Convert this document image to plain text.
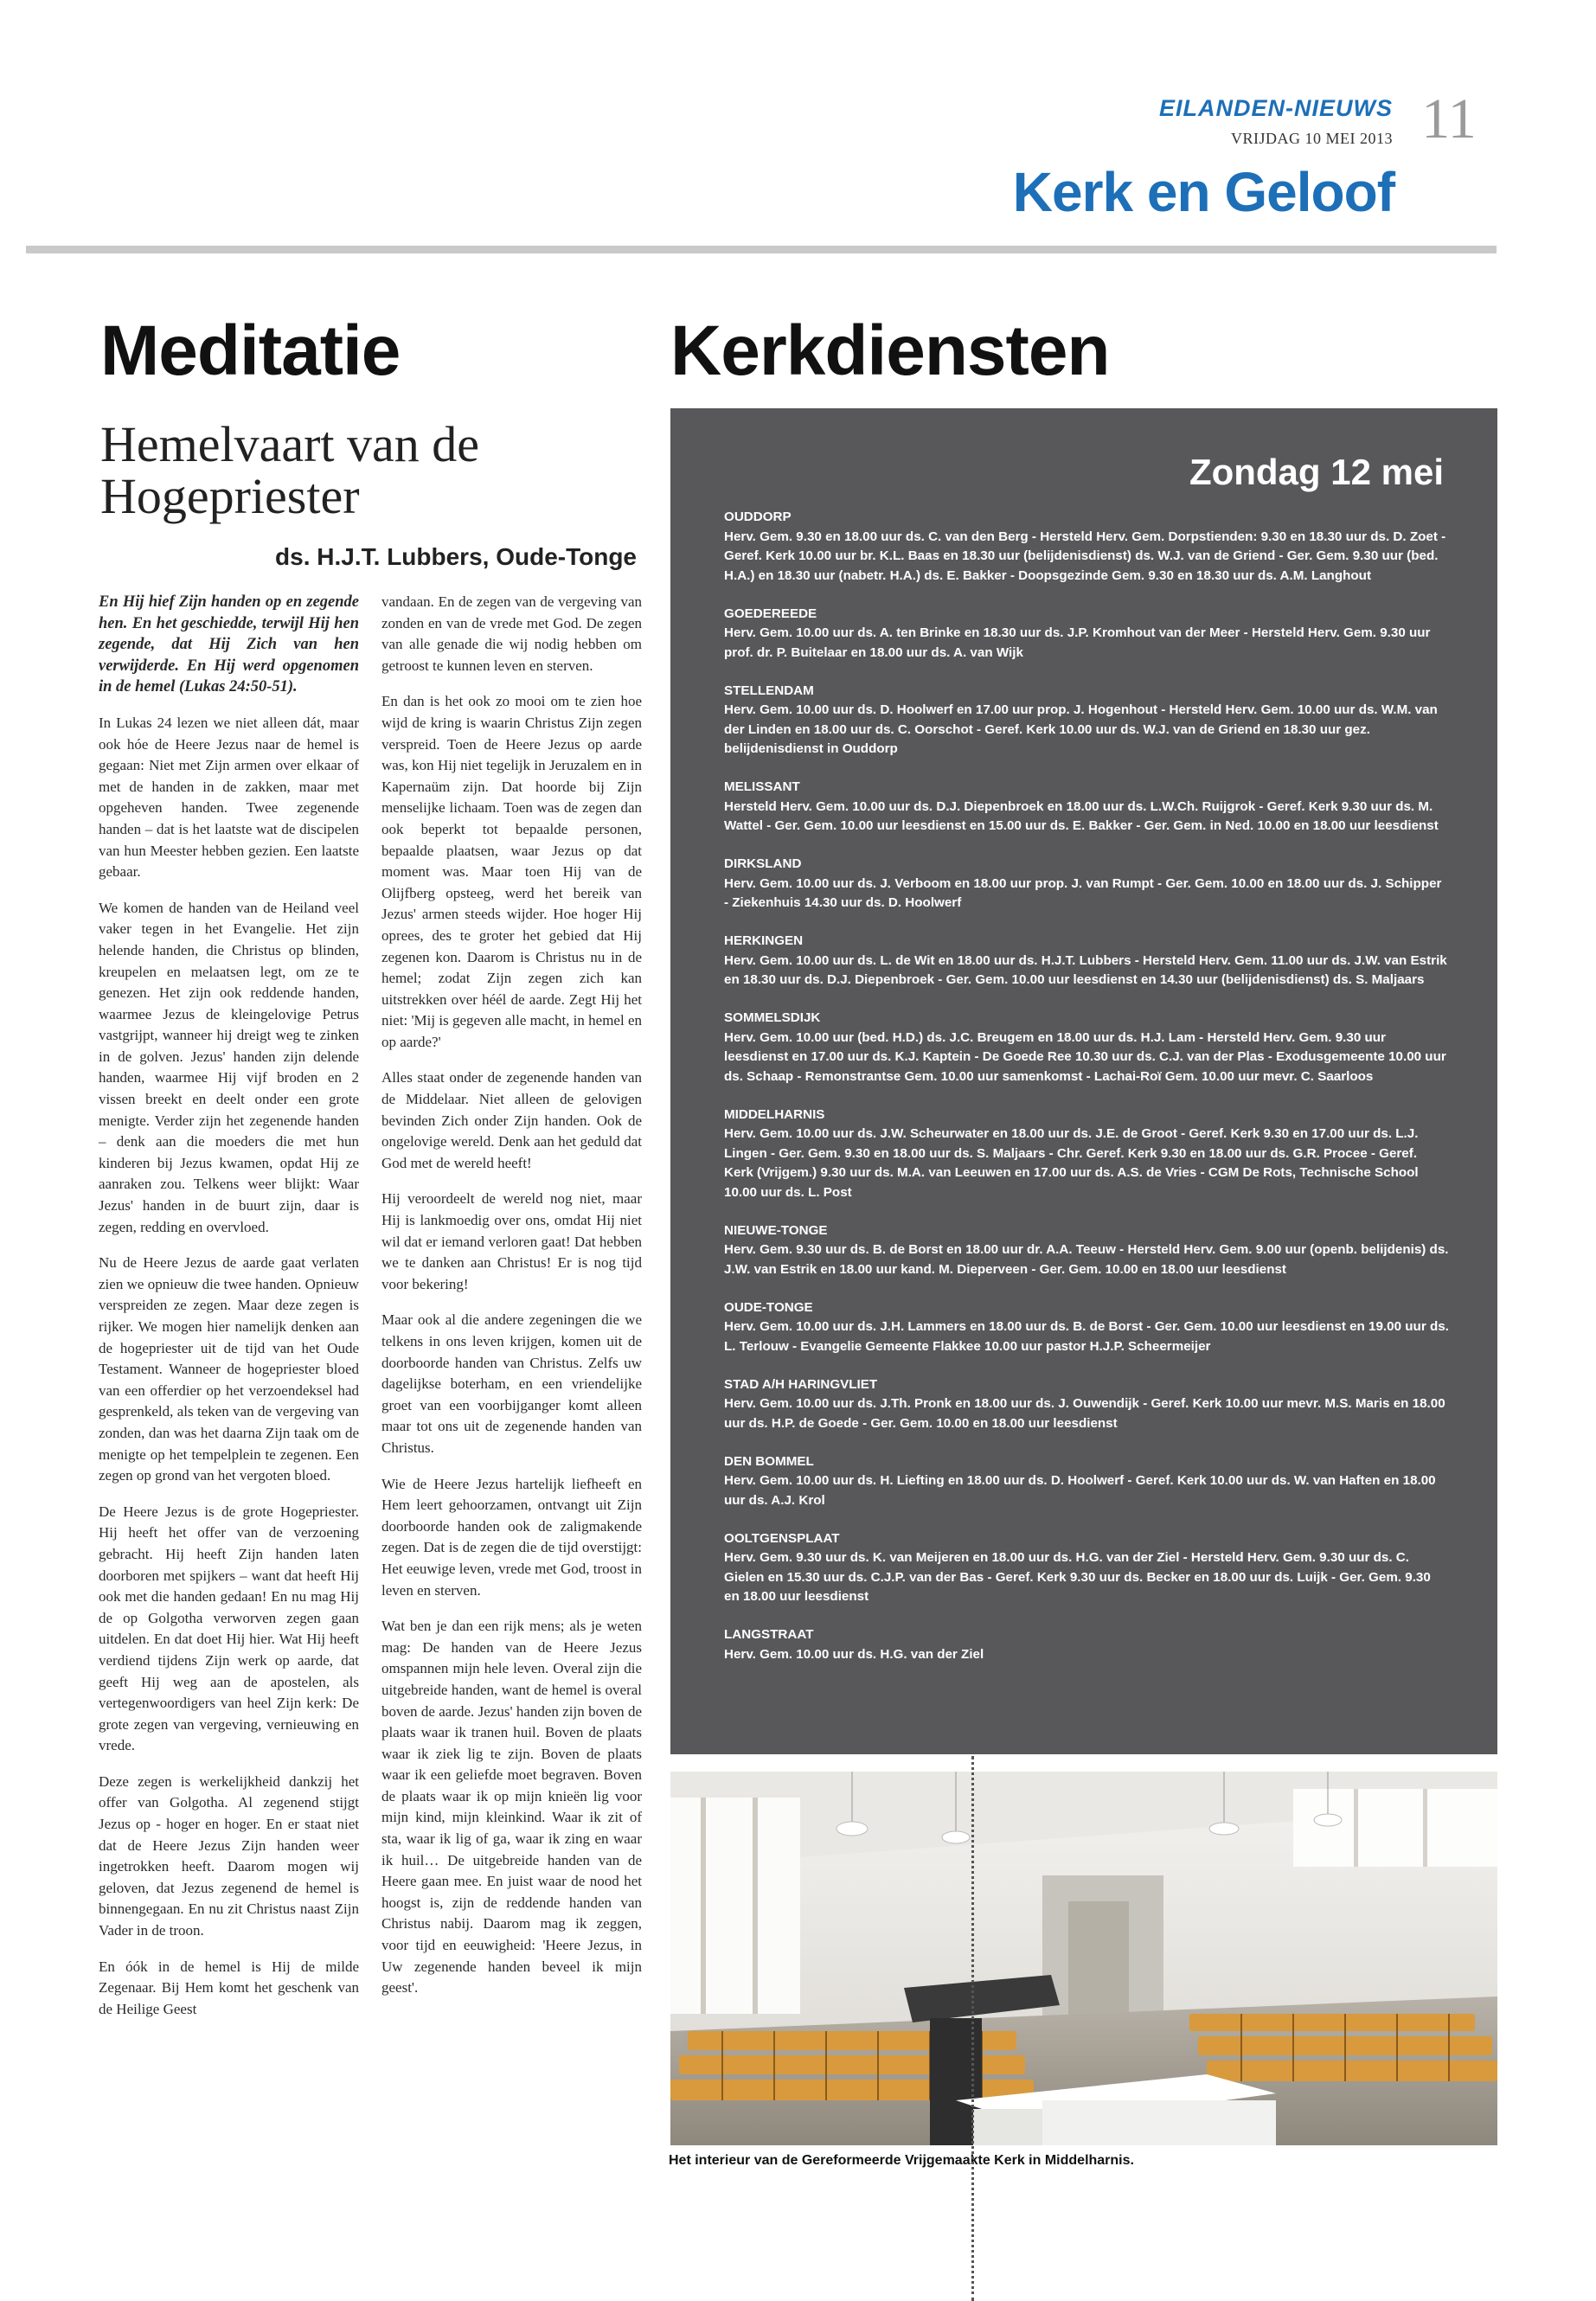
EILANDEN-NIEUWS
VRIJDAG 10 MEI 2013 11
Kerk en Geloof
Meditatie
Hemelvaart van de Hogepriester
ds. H.J.T. Lubbers, Oude-Tonge

En Hij hief Zijn handen op en zegende hen. En het geschiedde, terwijl Hij hen zegende, dat Hij Zich van hen verwijderde. En Hij werd opgenomen in de hemel (Lukas 24:50-51).

In Lukas 24 lezen we niet alleen dát, maar ook hóe de Heere Jezus naar de hemel is gegaan: Niet met Zijn armen over elkaar of met de handen in de zakken, maar met opgeheven handen. Twee zegenende handen – dat is het laatste wat de discipelen van hun Meester hebben gezien. Een laatste gebaar.

We komen de handen van de Heiland veel vaker tegen in het Evangelie. Het zijn helende handen, die Christus op blinden, kreupelen en melaatsen legt, om ze te genezen. Het zijn ook reddende handen, waarmee Jezus de kleingelovige Petrus vastgrijpt, wanneer hij dreigt weg te zinken in de golven. Jezus' handen zijn delende handen, waarmee Hij vijf broden en 2 vissen breekt en deelt onder een grote menigte. Verder zijn het zegenende handen – denk aan die moeders die met hun kinderen bij Jezus kwamen, opdat Hij ze aanraken zou. Telkens weer blijkt: Waar Jezus' handen in de buurt zijn, daar is zegen, redding en overvloed.

Nu de Heere Jezus de aarde gaat verlaten zien we opnieuw die twee handen. Opnieuw verspreiden ze zegen. Maar deze zegen is rijker. We mogen hier namelijk denken aan de hogepriester uit de tijd van het Oude Testament. Wanneer de hogepriester bloed van een offerdier op het verzoendeksel had gesprenkeld, als teken van de vergeving van zonden, dan was het daarna Zijn taak om de menigte op het tempelplein te zegenen. Een zegen op grond van het vergoten bloed.

De Heere Jezus is de grote Hogepriester. Hij heeft het offer van de verzoening gebracht. Hij heeft Zijn handen laten doorboren met spijkers – want dat heeft Hij ook met die handen gedaan! En nu mag Hij de op Golgotha verworven zegen gaan uitdelen. En dat doet Hij hier. Wat Hij heeft verdiend tijdens Zijn werk op aarde, dat geeft Hij weg aan de apostelen, als vertegenwoordigers van heel Zijn kerk: De grote zegen van vergeving, vernieuwing en vrede.

Deze zegen is werkelijkheid dankzij het offer van Golgotha. Al zegenend stijgt Jezus op - hoger en hoger. En er staat niet dat de Heere Jezus Zijn handen weer ingetrokken heeft. Daarom mogen wij geloven, dat Jezus zegenend de hemel is binnengegaan. En nu zit Christus naast Zijn Vader in de troon.

En óók in de hemel is Hij de milde Zegenaar. Bij Hem komt het geschenk van de Heilige Geest

vandaan. En de zegen van de vergeving van zonden en van de vrede met God. De zegen van alle genade die wij nodig hebben om getroost te kunnen leven en sterven.

En dan is het ook zo mooi om te zien hoe wijd de kring is waarin Christus Zijn zegen verspreid. Toen de Heere Jezus op aarde was, kon Hij niet tegelijk in Jeruzalem en in Kapernaüm zijn. Dat hoorde bij Zijn menselijke lichaam. Toen was de zegen dan ook beperkt tot bepaalde personen, bepaalde plaatsen, waar Jezus op dat moment was. Maar toen Hij van de Olijfberg opsteeg, werd het bereik van Jezus' armen steeds wijder. Hoe hoger Hij oprees, des te groter het gebied dat Hij zegenen kon. Daarom is Christus nu in de hemel; zodat Zijn zegen zich kan uitstrekken over héél de aarde. Zegt Hij het niet: 'Mij is gegeven alle macht, in hemel en op aarde?'

Alles staat onder de zegenende handen van de Middelaar. Niet alleen de gelovigen bevinden Zich onder Zijn handen. Ook de ongelovige wereld. Denk aan het geduld dat God met de wereld heeft!

Hij veroordeelt de wereld nog niet, maar Hij is lankmoedig over ons, omdat Hij niet wil dat er iemand verloren gaat! Dat hebben we te danken aan Christus! Er is nog tijd voor bekering!

Maar ook al die andere zegeningen die we telkens in ons leven krijgen, komen uit de doorboorde handen van Christus. Zelfs uw dagelijkse boterham, en een vriendelijke groet van een voorbijganger komt alleen maar tot ons uit de zegenende handen van Christus.

Wie de Heere Jezus hartelijk liefheeft en Hem leert gehoorzamen, ontvangt uit Zijn doorboorde handen ook de zaligmakende zegen. Dat is de zegen die de tijd overstijgt: Het eeuwige leven, vrede met God, troost in leven en sterven.

Wat ben je dan een rijk mens; als je weten mag: De handen van de Heere Jezus omspannen mijn hele leven. Overal zijn die uitgebreide handen, want de hemel is overal boven de aarde. Jezus' handen zijn boven de plaats waar ik tranen huil. Boven de plaats waar ik ziek lig te zijn. Boven de plaats waar ik een geliefde moet begraven. Boven de plaats waar ik op mijn knieën lig voor mijn kind, mijn kleinkind. Waar ik zit of sta, waar ik lig of ga, waar ik zing en waar ik huil… De uitgebreide handen van de Heere gaan mee. En juist waar de nood het hoogst is, zijn de reddende handen van Christus nabij. Daarom mag ik zeggen, voor tijd en eeuwigheid: 'Heere Jezus, in Uw zegenende handen beveel ik mijn geest'.

Kerkdiensten
Zondag 12 mei
OUDDORP
Herv. Gem. 9.30 en 18.00 uur ds. C. van den Berg - Hersteld Herv. Gem. Dorpstienden: 9.30 en 18.30 uur ds. D. Zoet - Geref. Kerk 10.00 uur br. K.L. Baas en 18.30 uur (belijdenisdienst) ds. W.J. van de Griend - Ger. Gem. 9.30 uur (bed. H.A.) en 18.30 uur (nabetr. H.A.) ds. E. Bakker - Doopsgezinde Gem. 9.30 en 18.30 uur ds. A.M. Langhout
GOEDEREEDE
Herv. Gem. 10.00 uur ds. A. ten Brinke en 18.30 uur ds. J.P. Kromhout van der Meer - Hersteld Herv. Gem. 9.30 uur prof. dr. P. Buitelaar en 18.00 uur ds. A. van Wijk
STELLENDAM
Herv. Gem. 10.00 uur ds. D. Hoolwerf en 17.00 uur prop. J. Hogenhout - Hersteld Herv. Gem. 10.00 uur ds. W.M. van der Linden en 18.00 uur ds. C. Oorschot - Geref. Kerk 10.00 uur ds. W.J. van de Griend en 18.30 uur gez. belijdenisdienst in Ouddorp
MELISSANT
Hersteld Herv. Gem. 10.00 uur ds. D.J. Diepenbroek en 18.00 uur ds. L.W.Ch. Ruijgrok - Geref. Kerk 9.30 uur ds. M. Wattel - Ger. Gem. 10.00 uur leesdienst en 15.00 uur ds. E. Bakker - Ger. Gem. in Ned. 10.00 en 18.00 uur leesdienst
DIRKSLAND
Herv. Gem. 10.00 uur ds. J. Verboom en 18.00 uur prop. J. van Rumpt - Ger. Gem. 10.00 en 18.00 uur ds. J. Schipper - Ziekenhuis 14.30 uur ds. D. Hoolwerf
HERKINGEN
Herv. Gem. 10.00 uur ds. L. de Wit en 18.00 uur ds. H.J.T. Lubbers - Hersteld Herv. Gem. 11.00 uur ds. J.W. van Estrik en 18.30 uur ds. D.J. Diepenbroek - Ger. Gem. 10.00 uur leesdienst en 14.30 uur (belijdenisdienst) ds. S. Maljaars
SOMMELSDIJK
Herv. Gem. 10.00 uur (bed. H.D.) ds. J.C. Breugem en 18.00 uur ds. H.J. Lam - Hersteld Herv. Gem. 9.30 uur leesdienst en 17.00 uur ds. K.J. Kaptein - De Goede Ree 10.30 uur ds. C.J. van der Plas - Exodusgemeente 10.00 uur ds. Schaap - Remonstrantse Gem. 10.00 uur samenkomst - Lachai-Roï Gem. 10.00 uur mevr. C. Saarloos
MIDDELHARNIS
Herv. Gem. 10.00 uur ds. J.W. Scheurwater en 18.00 uur ds. J.E. de Groot - Geref. Kerk 9.30 en 17.00 uur ds. L.J. Lingen - Ger. Gem. 9.30 en 18.00 uur ds. S. Maljaars - Chr. Geref. Kerk 9.30 en 18.00 uur ds. G.R. Procee - Geref. Kerk (Vrijgem.) 9.30 uur ds. M.A. van Leeuwen en 17.00 uur ds. A.S. de Vries - CGM De Rots, Technische School 10.00 uur ds. L. Post
NIEUWE-TONGE
Herv. Gem. 9.30 uur ds. B. de Borst en 18.00 uur dr. A.A. Teeuw - Hersteld Herv. Gem. 9.00 uur (openb. belijdenis) ds. J.W. van Estrik en 18.00 uur kand. M. Dieperveen - Ger. Gem. 10.00 en 18.00 uur leesdienst
OUDE-TONGE
Herv. Gem. 10.00 uur ds. J.H. Lammers en 18.00 uur ds. B. de Borst - Ger. Gem. 10.00 uur leesdienst en 19.00 uur ds. L. Terlouw - Evangelie Gemeente Flakkee 10.00 uur pastor H.J.P. Scheermeijer
STAD A/H HARINGVLIET
Herv. Gem. 10.00 uur ds. J.Th. Pronk en 18.00 uur ds. J. Ouwendijk - Geref. Kerk 10.00 uur mevr. M.S. Maris en 18.00 uur ds. H.P. de Goede - Ger. Gem. 10.00 en 18.00 uur leesdienst
DEN BOMMEL
Herv. Gem. 10.00 uur ds. H. Liefting en 18.00 uur ds. D. Hoolwerf - Geref. Kerk 10.00 uur ds. W. van Haften en 18.00 uur ds. A.J. Krol
OOLTGENSPLAAT
Herv. Gem. 9.30 uur ds. K. van Meijeren en 18.00 uur ds. H.G. van der Ziel - Hersteld Herv. Gem. 9.30 uur ds. C. Gielen en 15.30 uur ds. C.J.P. van der Bas - Geref. Kerk 9.30 uur ds. Becker en 18.00 uur ds. Luijk - Ger. Gem. 9.30 en 18.00 uur leesdienst
LANGSTRAAT
Herv. Gem. 10.00 uur ds. H.G. van der Ziel
Het interieur van de Gereformeerde Vrijgemaakte Kerk in Middelharnis.
